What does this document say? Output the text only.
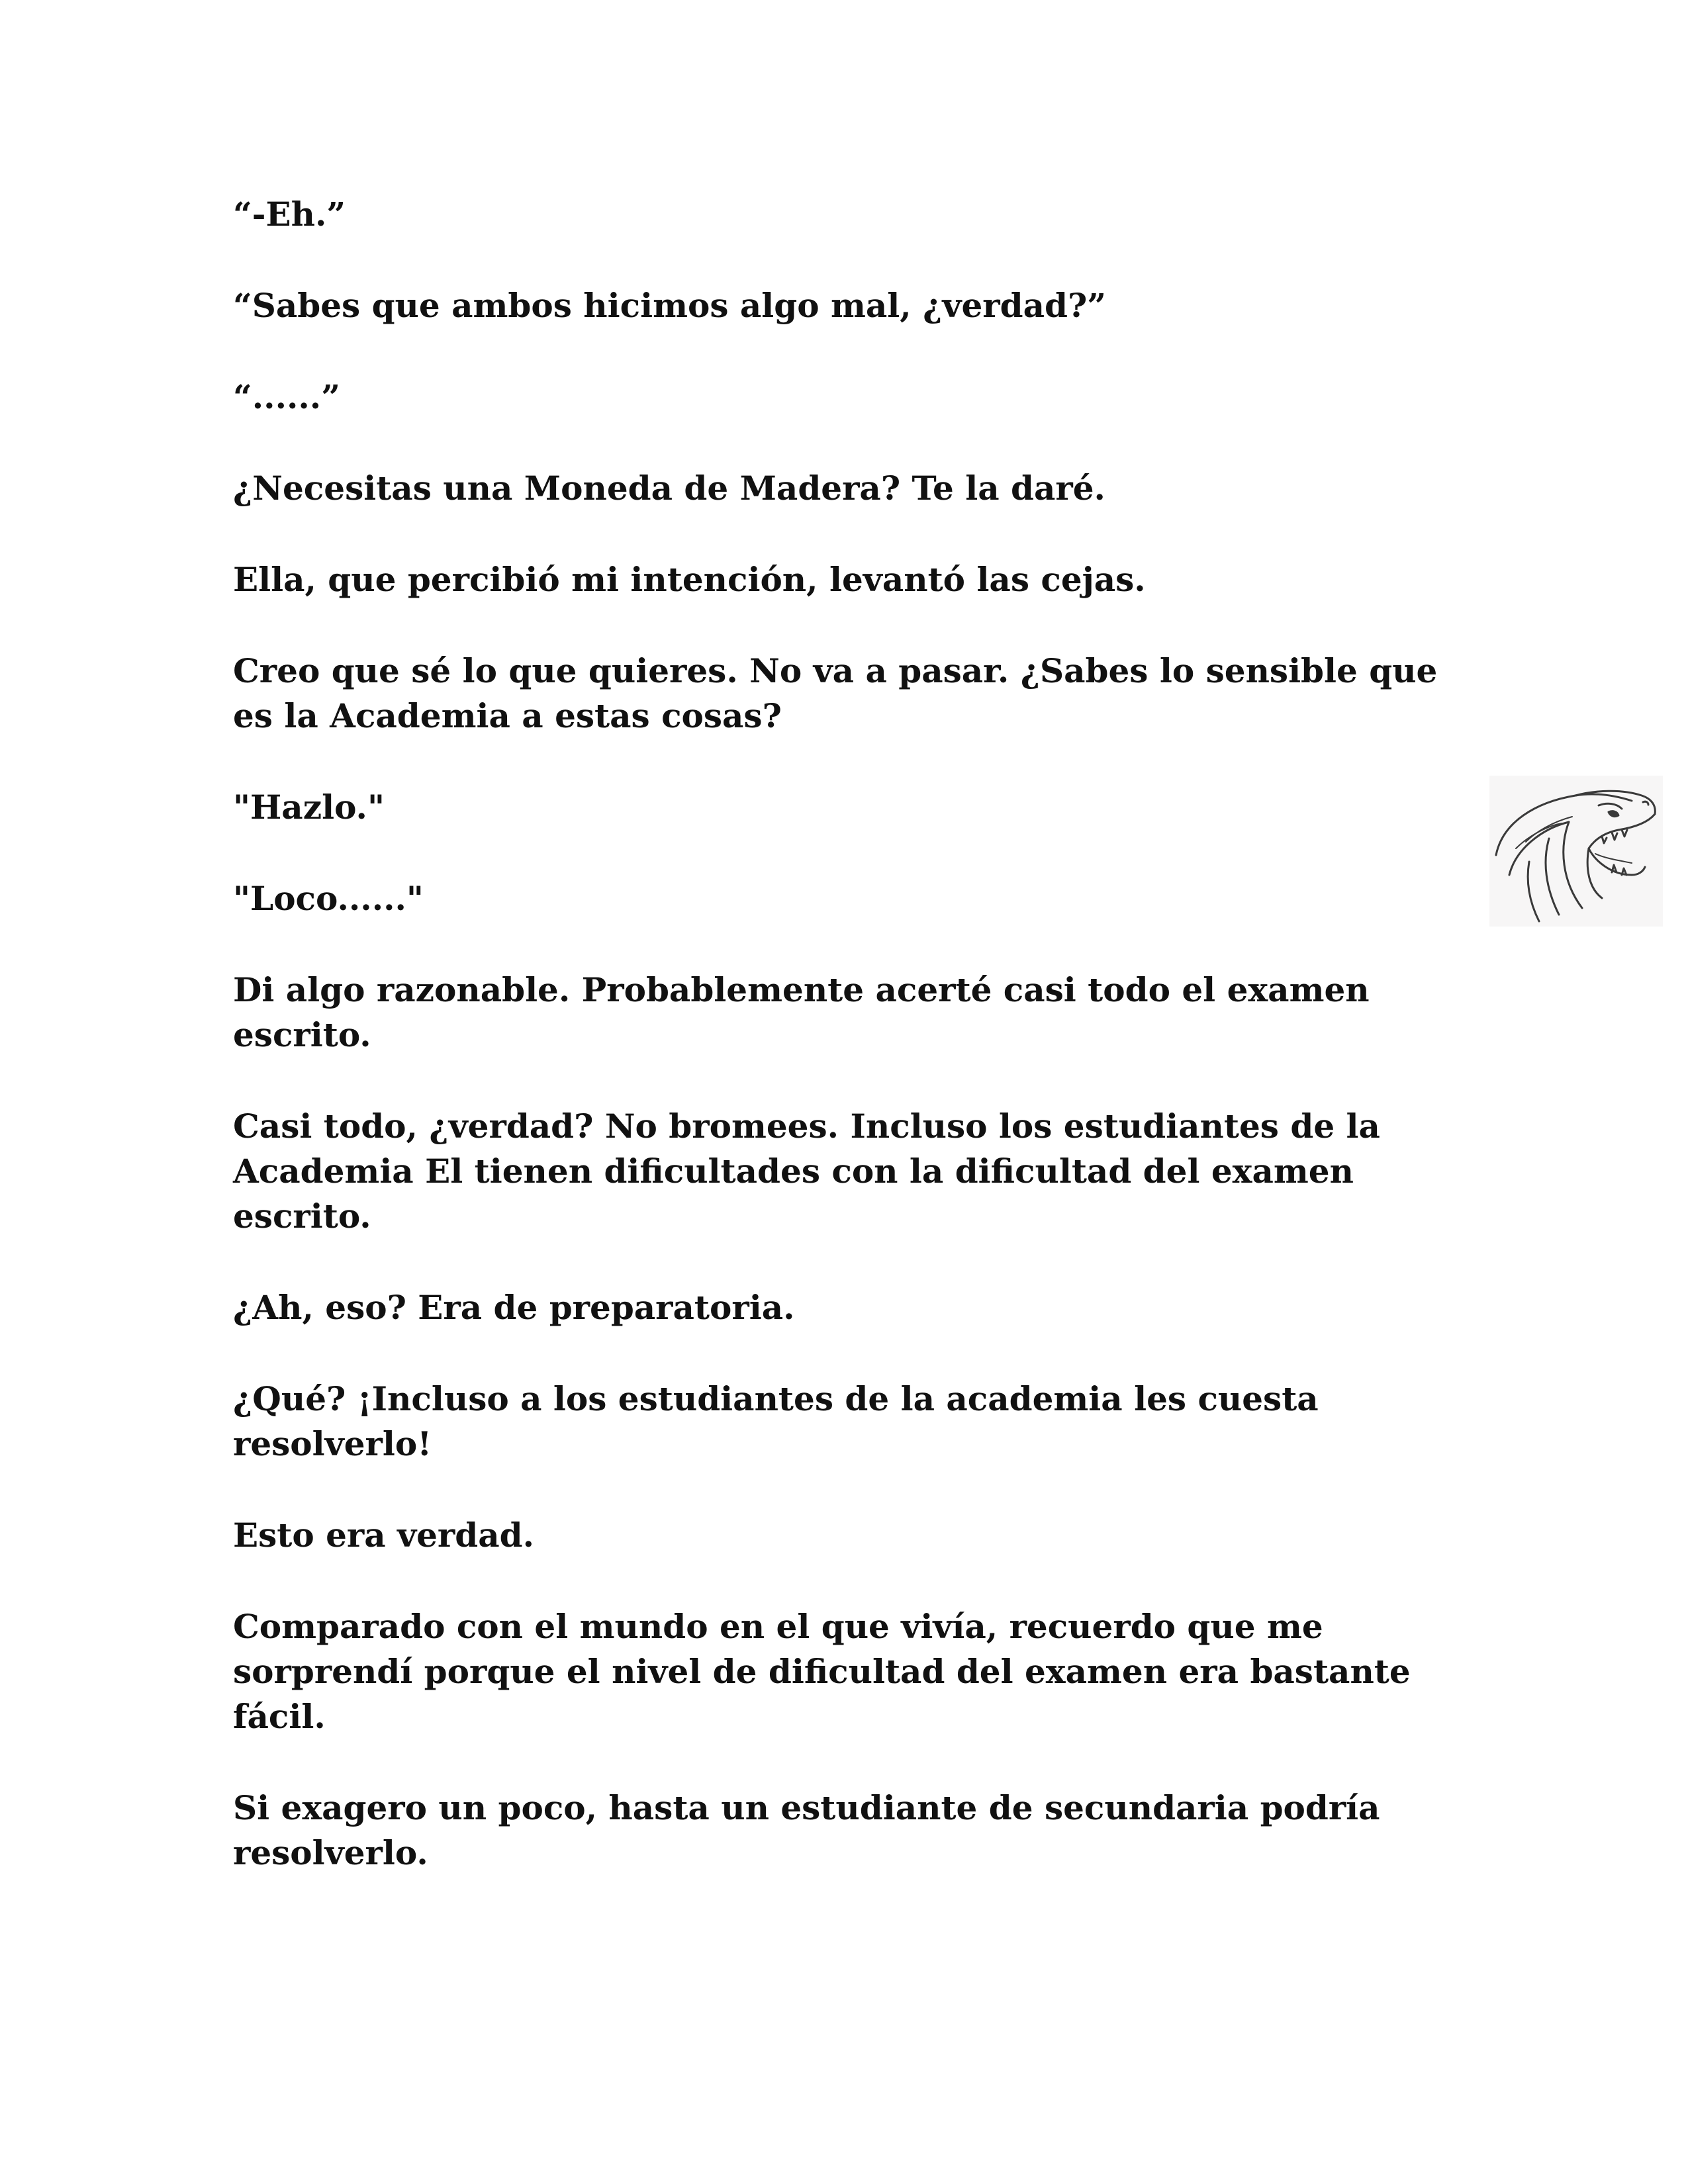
“-Eh.”

“Sabes que ambos hicimos algo mal, ¿verdad?”

“......”

¿Necesitas una Moneda de Madera? Te la daré.

Ella, que percibió mi intención, levantó las cejas.

Creo que sé lo que quieres. No va a pasar. ¿Sabes lo sensible que es la Academia a estas cosas?

"Hazlo."

"Loco......"

Di algo razonable. Probablemente acerté casi todo el examen escrito.

Casi todo, ¿verdad? No bromees. Incluso los estudiantes de la Academia El tienen dificultades con la dificultad del examen escrito.

¿Ah, eso? Era de preparatoria.

¿Qué? ¡Incluso a los estudiantes de la academia les cuesta resolverlo!

Esto era verdad.

Comparado con el mundo en el que vivía, recuerdo que me sorprendí porque el nivel de dificultad del examen era bastante fácil.

Si exagero un poco, hasta un estudiante de secundaria podría resolverlo.
